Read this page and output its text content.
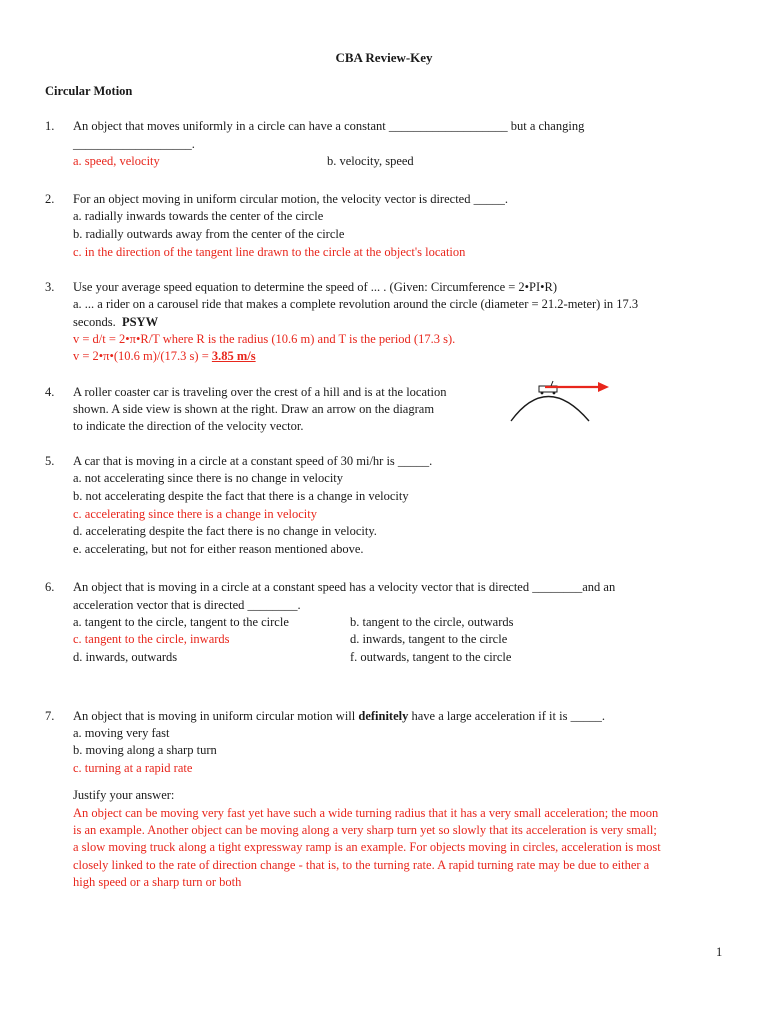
CBA Review-Key
Circular Motion
1. An object that moves uniformly in a circle can have a constant ___________________ but a changing
___________________.
a. speed, velocity	b. velocity, speed
2. For an object moving in uniform circular motion, the velocity vector is directed _____.
a. radially inwards towards the center of the circle
b. radially outwards away from the center of the circle
c. in the direction of the tangent line drawn to the circle at the object's location
3. Use your average speed equation to determine the speed of ... . (Given: Circumference = 2•PI•R)
a. ... a rider on a carousel ride that makes a complete revolution around the circle (diameter = 21.2-meter) in 17.3
seconds. PSYW
v = d/t = 2•π•R/T where R is the radius (10.6 m) and T is the period (17.3 s).
v = 2•π•(10.6 m)/(17.3 s) = 3.85 m/s
4. A roller coaster car is traveling over the crest of a hill and is at the location
shown. A side view is shown at the right. Draw an arrow on the diagram
to indicate the direction of the velocity vector.
5. A car that is moving in a circle at a constant speed of 30 mi/hr is _____.
a. not accelerating since there is no change in velocity
b. not accelerating despite the fact that there is a change in velocity
c. accelerating since there is a change in velocity
d. accelerating despite the fact there is no change in velocity.
e. accelerating, but not for either reason mentioned above.
6. An object that is moving in a circle at a constant speed has a velocity vector that is directed ________and an
acceleration vector that is directed ________.
a. tangent to the circle, tangent to the circle	b. tangent to the circle, outwards
c. tangent to the circle, inwards	d. inwards, tangent to the circle
d. inwards, outwards	f. outwards, tangent to the circle
7. An object that is moving in uniform circular motion will definitely have a large acceleration if it is _____.
a. moving very fast
b. moving along a sharp turn
c. turning at a rapid rate
Justify your answer:
An object can be moving very fast yet have such a wide turning radius that it has a very small acceleration; the moon
is an example. Another object can be moving along a very sharp turn yet so slowly that its acceleration is very small;
a slow moving truck along a tight expressway ramp is an example. For objects moving in circles, acceleration is most
closely linked to the rate of direction change - that is, to the turning rate. A rapid turning rate may be due to either a
high speed or a sharp turn or both
1
